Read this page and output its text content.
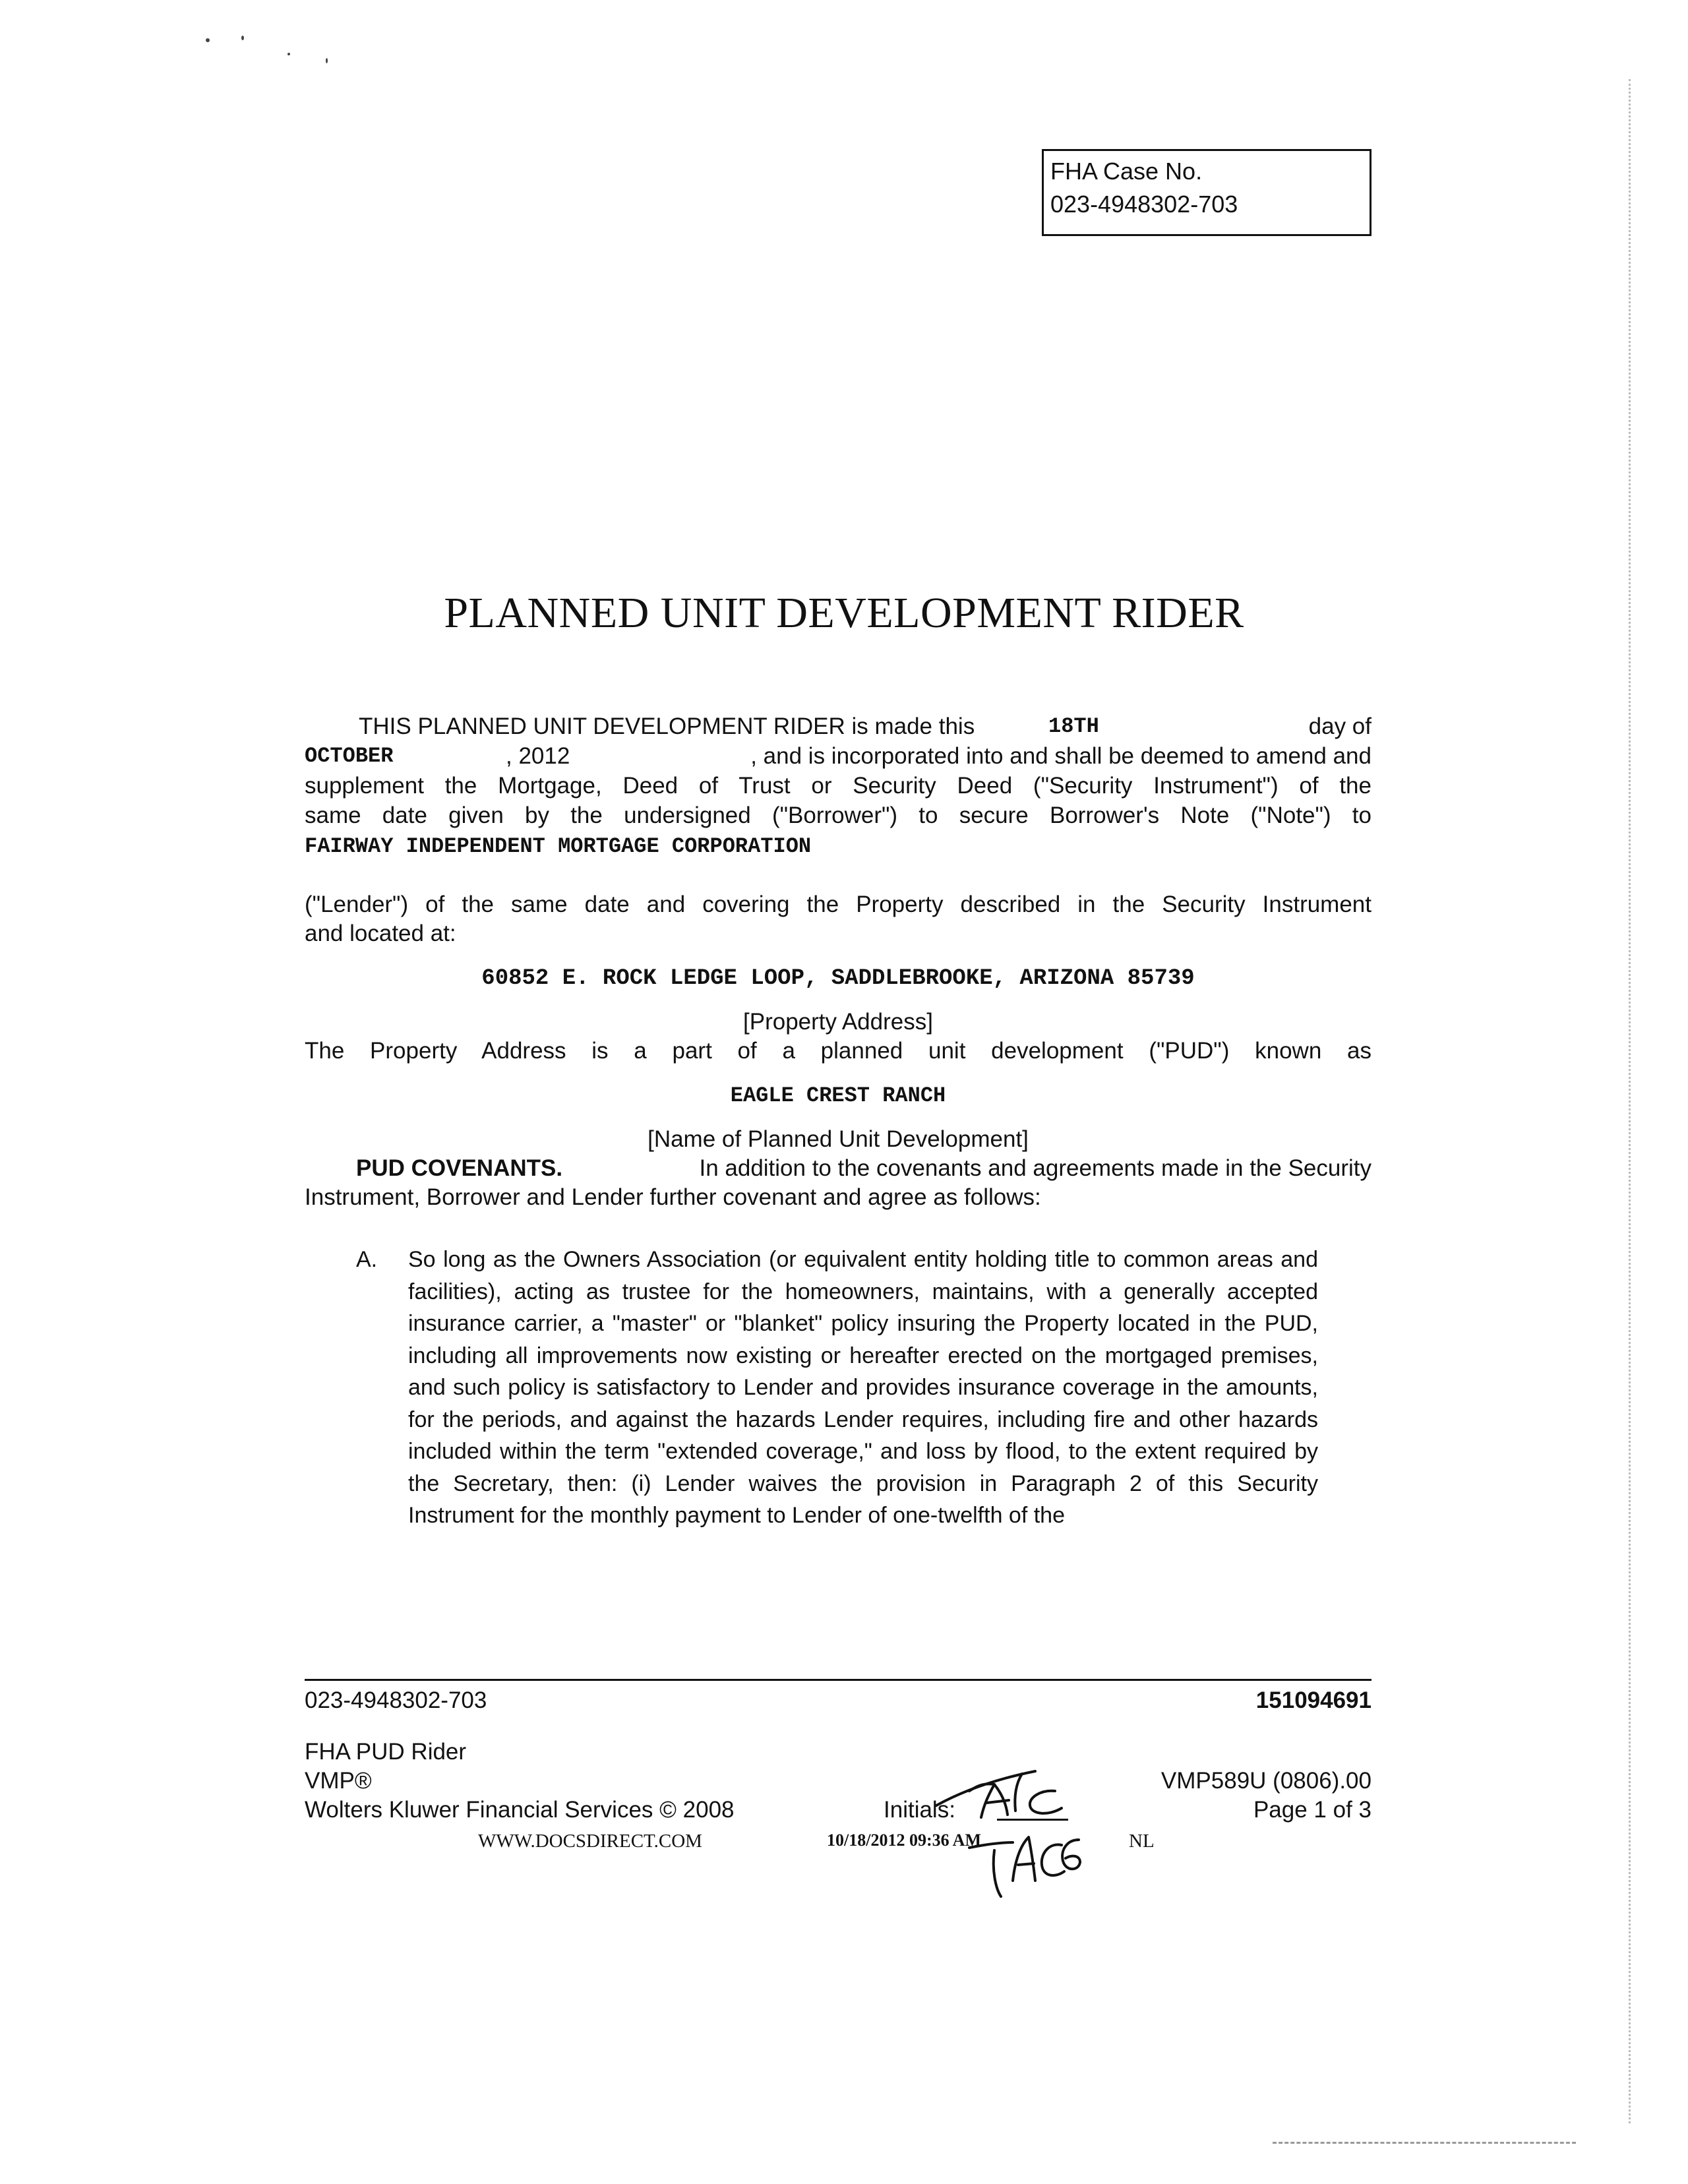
FHA Case No.
023-4948302-703
PLANNED UNIT DEVELOPMENT RIDER
THIS PLANNED UNIT DEVELOPMENT RIDER is made this	18TH	day of
OCTOBER	, 2012	, and is incorporated into and shall be deemed to amend and
supplement the Mortgage, Deed of Trust or Security Deed ("Security Instrument") of the
same date given by the undersigned ("Borrower") to secure Borrower's Note ("Note") to
FAIRWAY INDEPENDENT MORTGAGE CORPORATION
("Lender") of the same date and covering the Property described in the Security Instrument
and located at:
60852 E. ROCK LEDGE LOOP, SADDLEBROOKE, ARIZONA 85739
[Property Address]
The Property Address is a part of a planned unit development ("PUD") known as
EAGLE CREST RANCH
[Name of Planned Unit Development]
PUD COVENANTS.	In addition to the covenants and agreements made in the Security
Instrument, Borrower and Lender further covenant and agree as follows:
A. So long as the Owners Association (or equivalent entity holding title to common areas and facilities), acting as trustee for the homeowners, maintains, with a generally accepted insurance carrier, a "master" or "blanket" policy insuring the Property located in the PUD, including all improvements now existing or hereafter erected on the mortgaged premises, and such policy is satisfactory to Lender and provides insurance coverage in the amounts, for the periods, and against the hazards Lender requires, including fire and other hazards included within the term "extended coverage," and loss by flood, to the extent required by the Secretary, then: (i) Lender waives the provision in Paragraph 2 of this Security Instrument for the monthly payment to Lender of one-twelfth of the
023-4948302-703	151094691
FHA PUD Rider
VMP®
Wolters Kluwer Financial Services © 2008
WWW.DOCSDIRECT.COM
Initials:
10/18/2012 09:36 AM
VMP589U (0806).00
Page 1 of 3
NL
